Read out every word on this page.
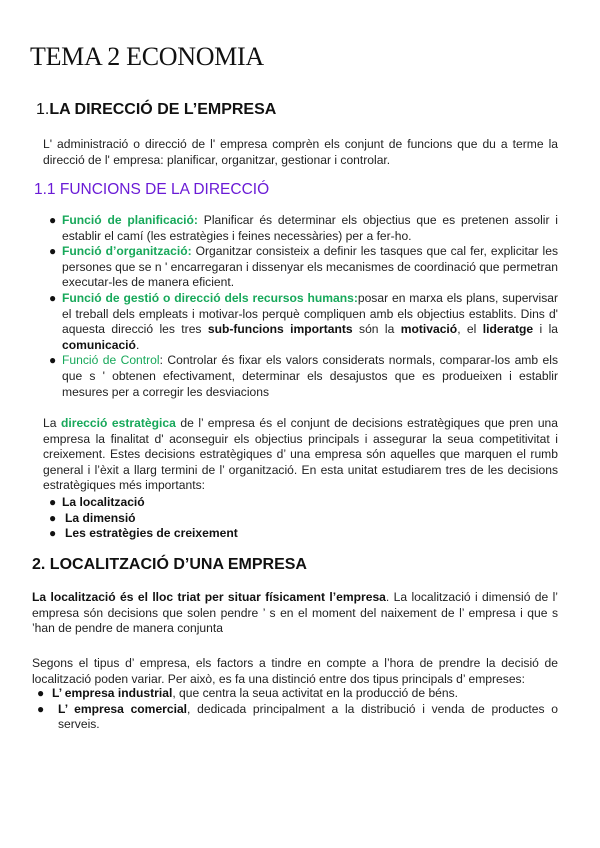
TEMA 2 ECONOMIA
1.LA DIRECCIÓ DE L’EMPRESA
L' administració o direcció de l' empresa comprèn els conjunt de funcions que du a terme la direcció de l' empresa: planificar, organitzar, gestionar i controlar.
1.1 FUNCIONS DE LA DIRECCIÓ
● Funció de planificació: Planificar és determinar els objectius que es pretenen assolir i establir el camí (les estratègies i feines necessàries) per a fer-ho.
● Funció d’organització: Organitzar consisteix a definir les tasques que cal fer, explicitar les persones que se n ' encarregaran i dissenyar els mecanismes de coordinació que permetran executar-les de manera eficient.
● Funció de gestió o direcció dels recursos humans:posar en marxa els plans, supervisar el treball dels empleats i motivar-los perquè compliquen amb els objectius establits. Dins d' aquesta direcció les tres sub-funcions importants són la motivació, el lideratge i la comunicació.
● Funció de Control: Controlar és fixar els valors considerats normals, comparar-los amb els que s ' obtenen efectivament, determinar els desajustos que es produeixen i establir mesures per a corregir les desviacions
La direcció estratègica de l’ empresa és el conjunt de decisions estratègiques que pren una empresa la finalitat d' aconseguir els objectius principals i assegurar la seua competitivitat i creixement. Estes decisions estratègiques d’ una empresa són aquelles que marquen el rumb general i l’èxit a llarg termini de l’ organització. En esta unitat estudiarem tres de les decisions estratègiques més importants:
● La localització
● La dimensió
● Les estratègies de creixement
2. LOCALITZACIÓ D’UNA EMPRESA
La localització és el lloc triat per situar físicament l’empresa. La localització i dimensió de l’ empresa són decisions que solen pendre ’ s en el moment del naixement de l’ empresa i que s ’han de pendre de manera conjunta
Segons el tipus d’ empresa, els factors a tindre en compte a l’hora de prendre la decisió de localització poden variar. Per això, es fa una distinció entre dos tipus principals d’ empreses:
● L’ empresa industrial, que centra la seua activitat en la producció de béns.
● L’ empresa comercial, dedicada principalment a la distribució i venda de productes o serveis.
